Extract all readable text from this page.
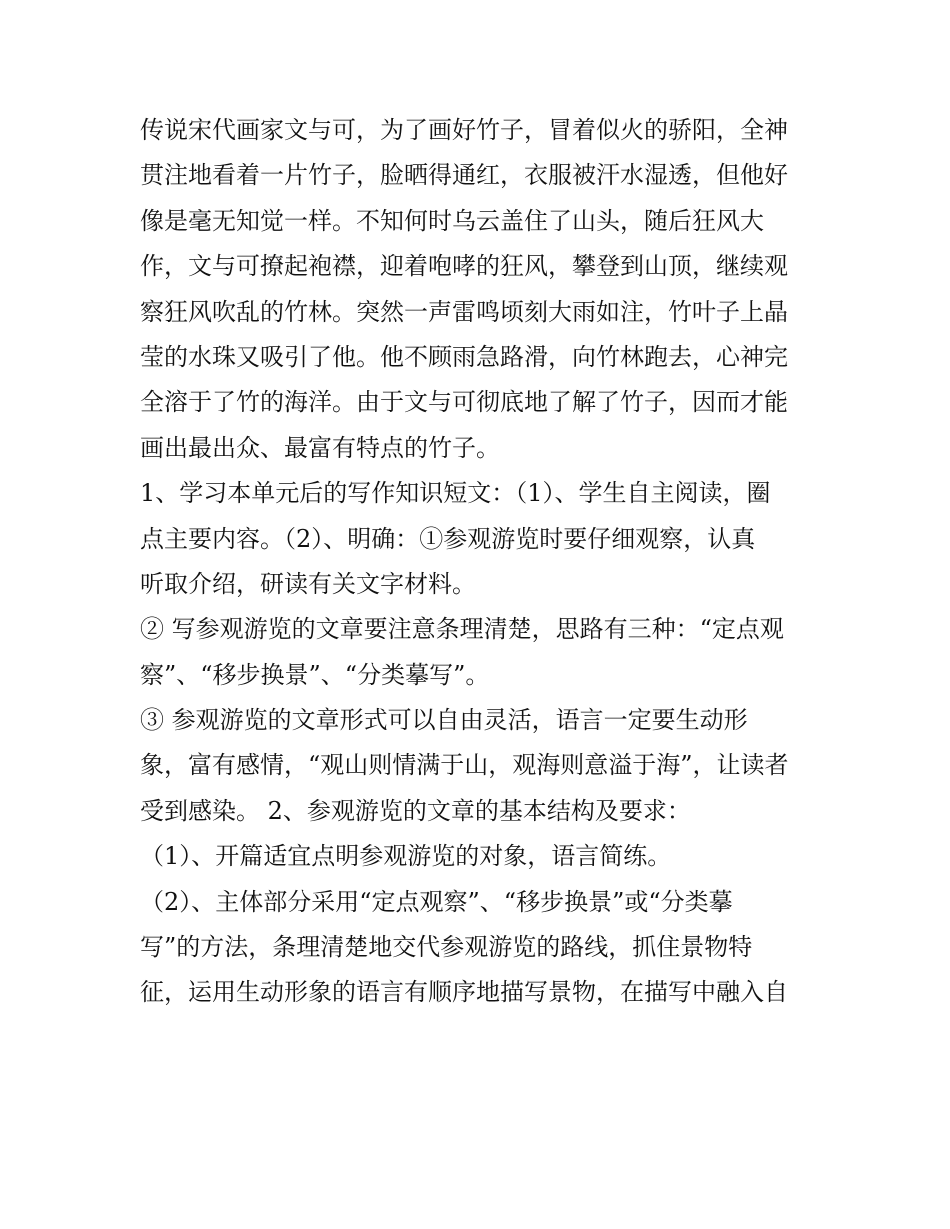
传说宋代画家文与可，为了画好竹子，冒着似火的骄阳，全神
贯注地看着一片竹子，脸晒得通红，衣服被汗水湿透，但他好
像是毫无知觉一样。不知何时乌云盖住了山头，随后狂风大
作，文与可撩起袍襟，迎着咆哮的狂风，攀登到山顶，继续观
察狂风吹乱的竹林。突然一声雷鸣顷刻大雨如注，竹叶子上晶
莹的水珠又吸引了他。他不顾雨急路滑，向竹林跑去，心神完
全溶于了竹的海洋。由于文与可彻底地了解了竹子，因而才能
画出最出众、最富有特点的竹子。
1、学习本单元后的写作知识短文：（1）、学生自主阅读，圈
点主要内容。（2）、明确：①参观游览时要仔细观察，认真
听取介绍，研读有关文字材料。
② 写参观游览的文章要注意条理清楚，思路有三种：“定点观
察”、“移步换景”、“分类摹写”。
③ 参观游览的文章形式可以自由灵活，语言一定要生动形
象，富有感情，“观山则情满于山，观海则意溢于海”，让读者
受到感染。 2、参观游览的文章的基本结构及要求：
（1）、开篇适宜点明参观游览的对象，语言简练。
（2）、主体部分采用“定点观察”、“移步换景”或“分类摹
写”的方法，条理清楚地交代参观游览的路线，抓住景物特
征，运用生动形象的语言有顺序地描写景物，在描写中融入自
